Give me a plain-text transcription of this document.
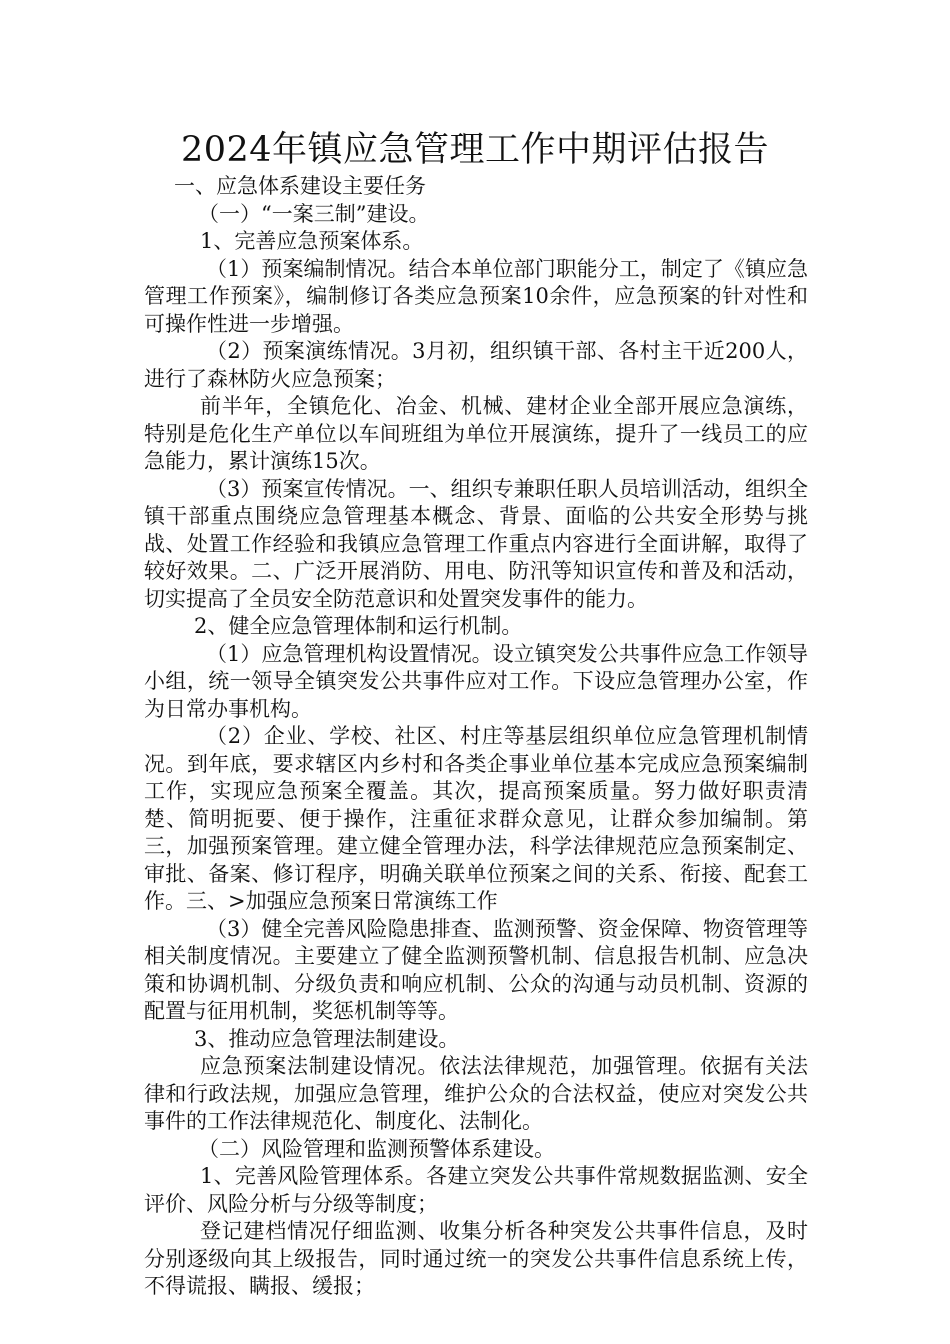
2024年镇应急管理工作中期评估报告

一、应急体系建设主要任务

（一）“一案三制”建设。

1、完善应急预案体系。

（1）预案编制情况。结合本单位部门职能分工，制定了《镇应急管理工作预案》，编制修订各类应急预案10余件，应急预案的针对性和可操作性进一步增强。

（2）预案演练情况。3月初，组织镇干部、各村主干近200人，进行了森林防火应急预案；

前半年，全镇危化、冶金、机械、建材企业全部开展应急演练，特别是危化生产单位以车间班组为单位开展演练，提升了一线员工的应急能力，累计演练15次。

（3）预案宣传情况。一、组织专兼职任职人员培训活动，组织全镇干部重点围绕应急管理基本概念、背景、面临的公共安全形势与挑战、处置工作经验和我镇应急管理工作重点内容进行全面讲解，取得了较好效果。二、广泛开展消防、用电、防汛等知识宣传和普及和活动，切实提高了全员安全防范意识和处置突发事件的能力。

2、健全应急管理体制和运行机制。

（1）应急管理机构设置情况。设立镇突发公共事件应急工作领导小组，统一领导全镇突发公共事件应对工作。下设应急管理办公室，作为日常办事机构。

（2）企业、学校、社区、村庄等基层组织单位应急管理机制情况。到年底，要求辖区内乡村和各类企事业单位基本完成应急预案编制工作，实现应急预案全覆盖。其次，提高预案质量。努力做好职责清楚、简明扼要、便于操作，注重征求群众意见，让群众参加编制。第三，加强预案管理。建立健全管理办法，科学法律规范应急预案制定、审批、备案、修订程序，明确关联单位预案之间的关系、衔接、配套工作。三、>加强应急预案日常演练工作

（3）健全完善风险隐患排查、监测预警、资金保障、物资管理等相关制度情况。主要建立了健全监测预警机制、信息报告机制、应急决策和协调机制、分级负责和响应机制、公众的沟通与动员机制、资源的配置与征用机制，奖惩机制等等。

3、推动应急管理法制建设。

应急预案法制建设情况。依法法律规范，加强管理。依据有关法律和行政法规，加强应急管理，维护公众的合法权益，使应对突发公共事件的工作法律规范化、制度化、法制化。

（二）风险管理和监测预警体系建设。

1、完善风险管理体系。各建立突发公共事件常规数据监测、安全评价、风险分析与分级等制度；

登记建档情况仔细监测、收集分析各种突发公共事件信息，及时分别逐级向其上级报告，同时通过统一的突发公共事件信息系统上传，不得谎报、瞒报、缓报；
